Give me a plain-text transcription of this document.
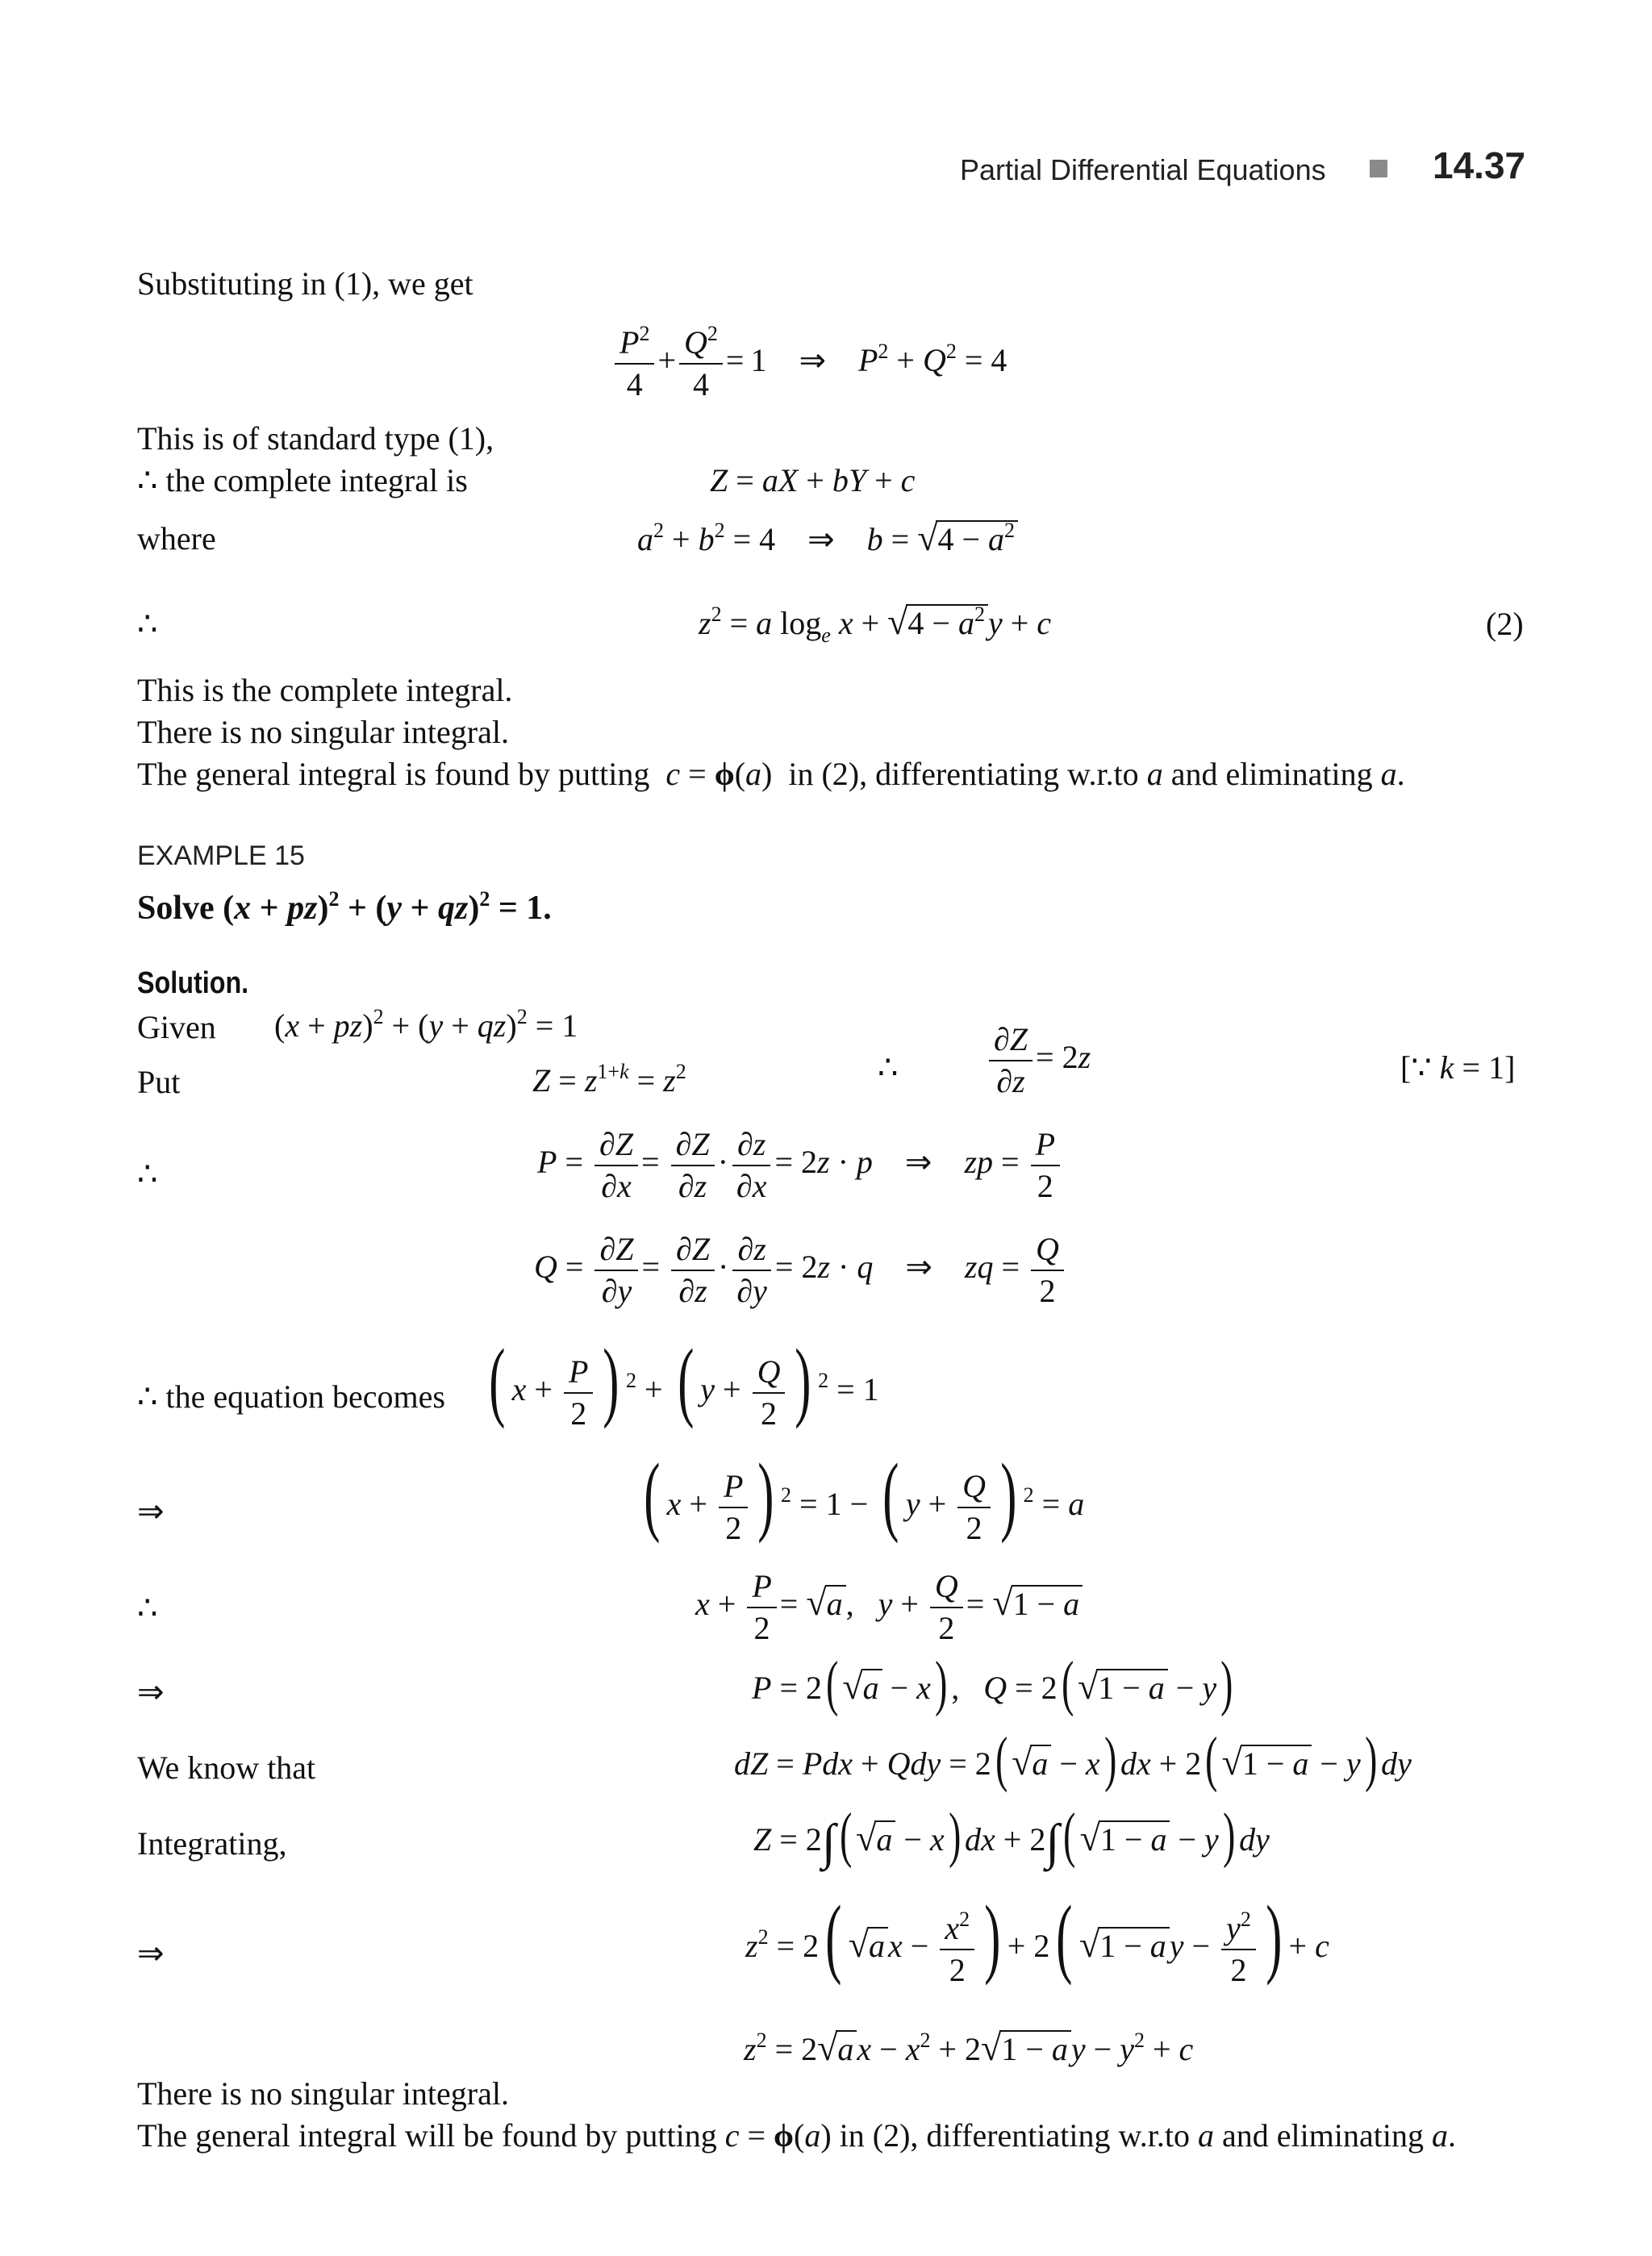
Partial Differential Equations	14.37
Substituting in (1), we get
$\frac{P^2}{4} + \frac{Q^2}{4} = 1$    ⇒    $P^2 + Q^2 = 4$
This is of standard type (1),
∴ the complete integral is	Z = aX + bY + c
where	$a^2 + b^2 = 4$    ⇒    $b = √4 - a^2$
∴	$z^2 = a$ $\log_e x + √4 - a^2$ y + c	(2)
This is the complete integral.
There is no singular integral.
The general integral is found by putting c = ϕ(a)  in (2), differentiating w.r.to a and eliminating a.
EXAMPLE 15
Solve (x + pz)$^2$ + (y + qz)$^2$ = 1.
Solution.
Given (x + pz)$^2$ + (y + qz)$^2$ = 1
Put	$Z = z^{1+k} = z^2$	∴	$\frac{\partial Z}{\partial z} = 2z$	[∵ k = 1]
∴	$P = \frac{\partial Z}{\partial x} = \frac{\partial Z}{\partial z} \cdot \frac{\partial z}{\partial x} = 2z \cdot p$    ⇒    zp = $\frac{P}{2}$
$Q = \frac{\partial Z}{\partial y} = \frac{\partial Z}{\partial z} \cdot \frac{\partial z}{\partial y} = 2z \cdot q$    ⇒    zq = $\frac{Q}{2}$
∴ the equation becomes ( $x + \frac{P}{2}$ ) $^2$ + ( $y + \frac{Q}{2}$ ) $^2$ = 1
⇒	( $x + \frac{P}{2}$ ) $^2$ = 1 − ( $y + \frac{Q}{2}$ ) $^2$ = a
∴	$x + \frac{P}{2} = √a$ ,   $y + \frac{Q}{2} = √1 - a$
⇒	P = 2( √a − x) ,   Q = 2( √1 − a − y)
We know that	dZ = Pdx + Qdy = 2( √a − x) dx + 2( √1 − a − y) dy
Integrating,	Z = 2∫( √a − x) dx + 2∫( √1 − a − y) dy
⇒	$z^2 = 2$( √a $x - \frac{x^2}{2}$ ) + 2( √1 − a $y - \frac{y^2}{2}$ ) + c
$z^2 = 2√a$ $x - x^2 + 2√1 - a$ $y - y^2 + c$
There is no singular integral.
The general integral will be found by putting c = ϕ(a) in (2), differentiating w.r.to a and eliminating a.
